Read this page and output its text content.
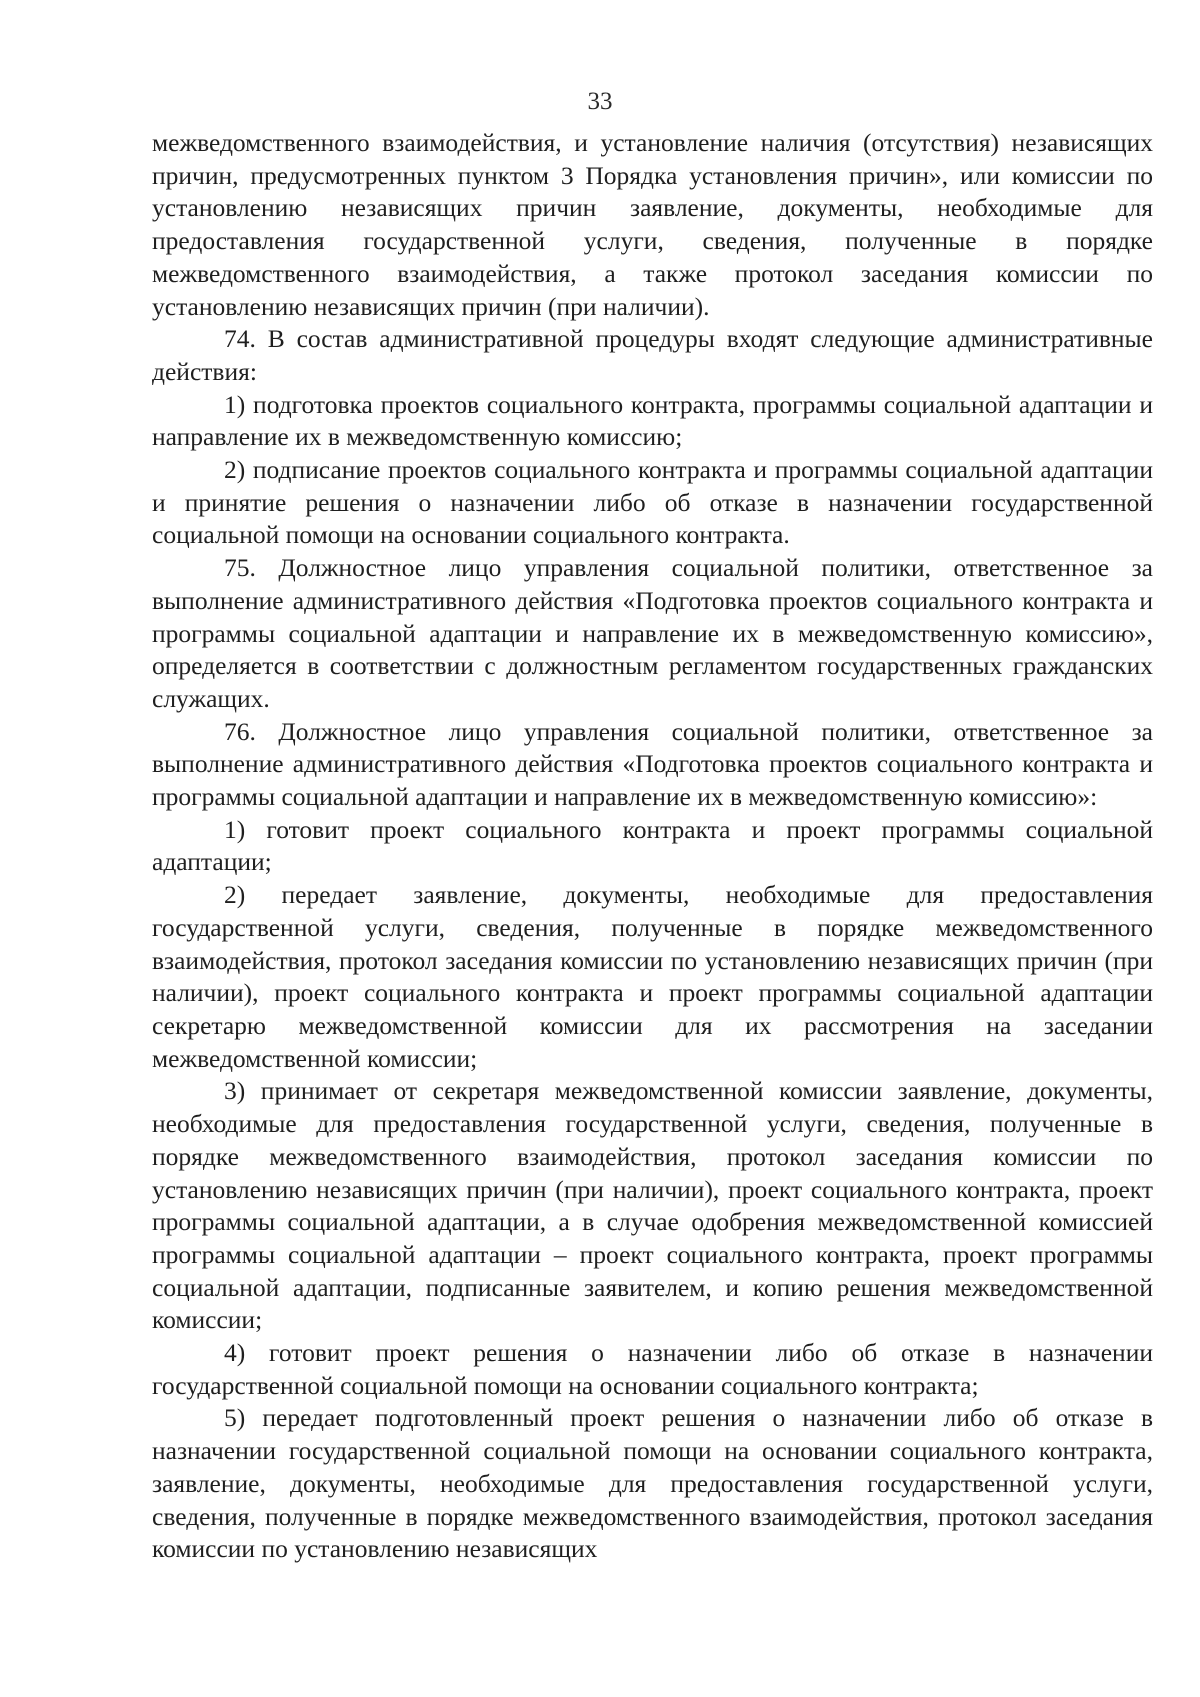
33

межведомственного взаимодействия, и установление наличия (отсутствия) независящих причин, предусмотренных пунктом 3 Порядка установления причин», или комиссии по установлению независящих причин заявление, документы, необходимые для предоставления государственной услуги, сведения, полученные в порядке межведомственного взаимодействия, а также протокол заседания комиссии по установлению независящих причин (при наличии).

74. В состав административной процедуры входят следующие административные действия:

1) подготовка проектов социального контракта, программы социальной адаптации и направление их в межведомственную комиссию;

2) подписание проектов социального контракта и программы социальной адаптации и принятие решения о назначении либо об отказе в назначении государственной социальной помощи на основании социального контракта.

75. Должностное лицо управления социальной политики, ответственное за выполнение административного действия «Подготовка проектов социального контракта и программы социальной адаптации и направление их в межведомственную комиссию», определяется в соответствии с должностным регламентом государственных гражданских служащих.

76. Должностное лицо управления социальной политики, ответственное за выполнение административного действия «Подготовка проектов социального контракта и программы социальной адаптации и направление их в межведомственную комиссию»:

1) готовит проект социального контракта и проект программы социальной адаптации;

2) передает заявление, документы, необходимые для предоставления государственной услуги, сведения, полученные в порядке межведомственного взаимодействия, протокол заседания комиссии по установлению независящих причин (при наличии), проект социального контракта и проект программы социальной адаптации секретарю межведомственной комиссии для их рассмотрения на заседании межведомственной комиссии;

3) принимает от секретаря межведомственной комиссии заявление, документы, необходимые для предоставления государственной услуги, сведения, полученные в порядке межведомственного взаимодействия, протокол заседания комиссии по установлению независящих причин (при наличии), проект социального контракта, проект программы социальной адаптации, а в случае одобрения межведомственной комиссией программы социальной адаптации – проект социального контракта, проект программы социальной адаптации, подписанные заявителем, и копию решения межведомственной комиссии;

4) готовит проект решения о назначении либо об отказе в назначении государственной социальной помощи на основании социального контракта;

5) передает подготовленный проект решения о назначении либо об отказе в назначении государственной социальной помощи на основании социального контракта, заявление, документы, необходимые для предоставления государственной услуги, сведения, полученные в порядке межведомственного взаимодействия, протокол заседания комиссии по установлению независящих
